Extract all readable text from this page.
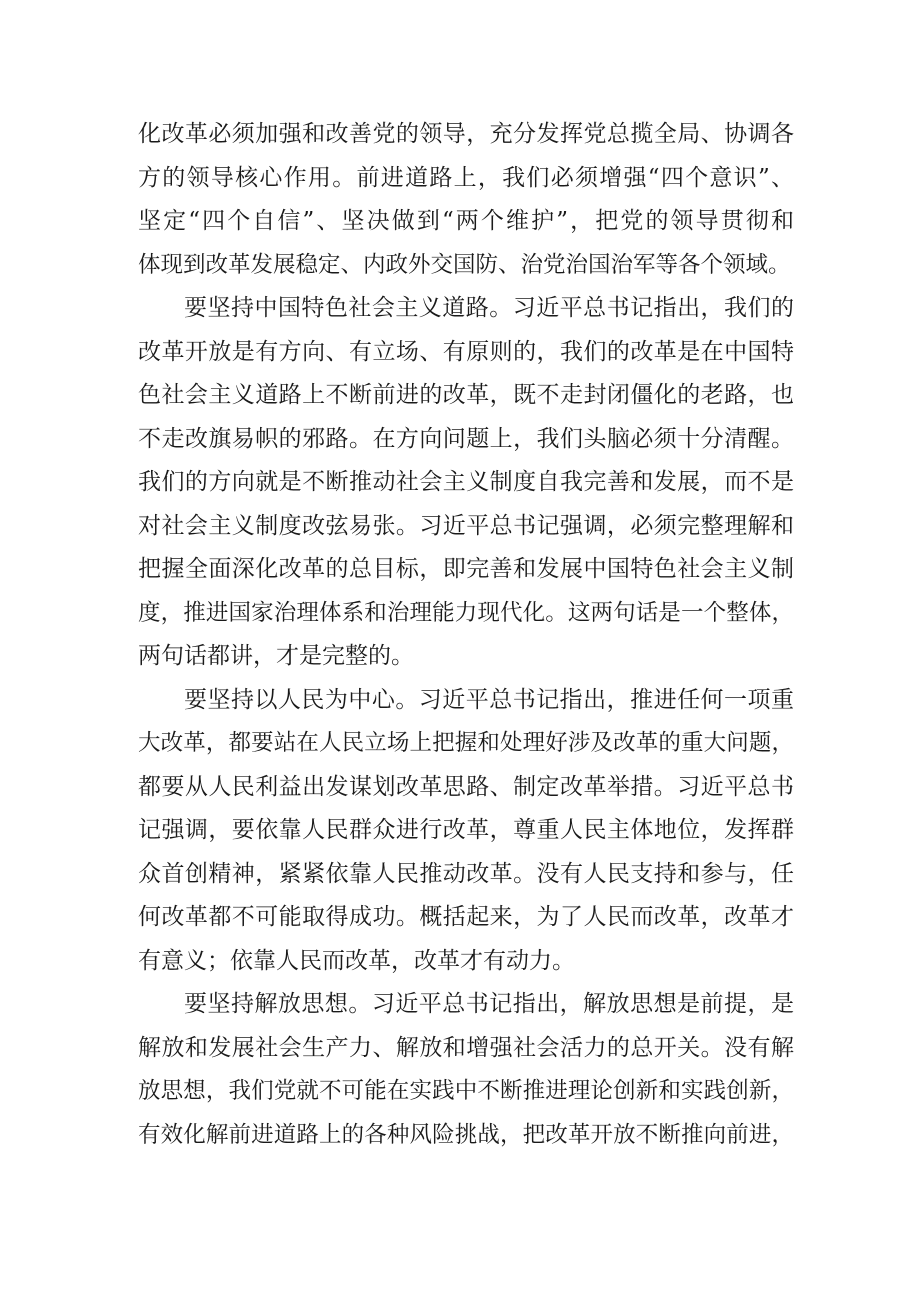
化改革必须加强和改善党的领导，充分发挥党总揽全局、协调各
方的领导核心作用。前进道路上，我们必须增强“四个意识”、
坚定“四个自信”、坚决做到“两个维护”，把党的领导贯彻和
体现到改革发展稳定、内政外交国防、治党治国治军等各个领域。
要坚持中国特色社会主义道路。习近平总书记指出，我们的
改革开放是有方向、有立场、有原则的，我们的改革是在中国特
色社会主义道路上不断前进的改革，既不走封闭僵化的老路，也
不走改旗易帜的邪路。在方向问题上，我们头脑必须十分清醒。
我们的方向就是不断推动社会主义制度自我完善和发展，而不是
对社会主义制度改弦易张。习近平总书记强调，必须完整理解和
把握全面深化改革的总目标，即完善和发展中国特色社会主义制
度，推进国家治理体系和治理能力现代化。这两句话是一个整体，
两句话都讲，才是完整的。
要坚持以人民为中心。习近平总书记指出，推进任何一项重
大改革，都要站在人民立场上把握和处理好涉及改革的重大问题，
都要从人民利益出发谋划改革思路、制定改革举措。习近平总书
记强调，要依靠人民群众进行改革，尊重人民主体地位，发挥群
众首创精神，紧紧依靠人民推动改革。没有人民支持和参与，任
何改革都不可能取得成功。概括起来，为了人民而改革，改革才
有意义；依靠人民而改革，改革才有动力。
要坚持解放思想。习近平总书记指出，解放思想是前提，是
解放和发展社会生产力、解放和增强社会活力的总开关。没有解
放思想，我们党就不可能在实践中不断推进理论创新和实践创新，
有效化解前进道路上的各种风险挑战，把改革开放不断推向前进，
